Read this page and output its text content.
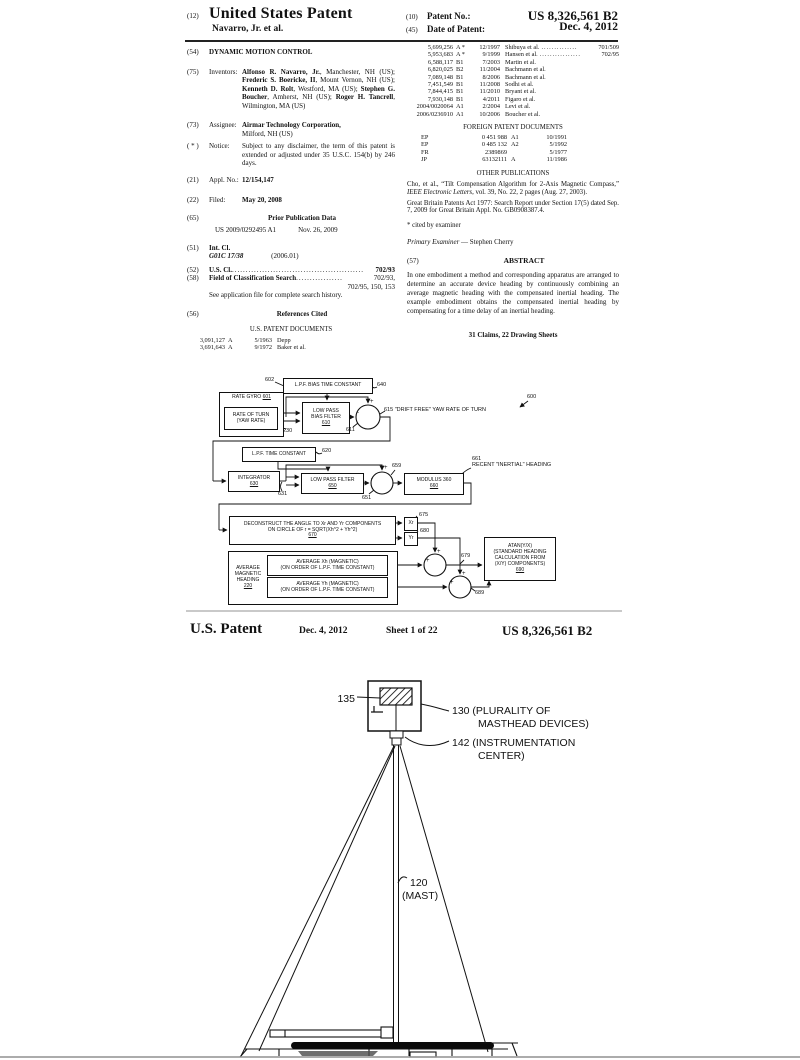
(12) United States Patent
Navarro, Jr. et al.
(10) Patent No.:	US 8,326,561 B2
(45) Date of Patent:	Dec. 4, 2012
(54)	DYNAMIC MOTION CONTROL
(75)	Inventors: Alfonso R. Navarro, Jr., Manchester, NH (US); Frederic S. Boericke, II, Mount Vernon, NH (US); Kenneth D. Rolt, Westford, MA (US); Stephen G. Boucher, Amherst, NH (US); Roger H. Tancrell, Wilmington, MA (US)
(73)	Assignee: Airmar Technology Corporation,
Milford, NH (US)
( * )	Notice:	Subject to any disclaimer, the term of this patent is extended or adjusted under 35 U.S.C. 154(b) by 246 days.
(21)	Appl. No.: 12/154,147
(22)	Filed:	May 20, 2008
(65)	Prior Publication Data
US 2009/0292495 A1	Nov. 26, 2009
(51)	Int. Cl.
G01C 17/38	(2006.01)
(52)	U.S. Cl. ................................................	702/93
(58)	Field of Classification Search .................	702/93,
702/95, 150, 153
See application file for complete search history.
(56)	References Cited
U.S. PATENT DOCUMENTS
3,091,127 A	5/1963 Depp
3,691,643 A	9/1972 Baker et al.
5,699,256 A *	12/1997 Shibuya et al. ..............	701/509
5,953,683 A *	9/1999 Hansen et al. ................	702/95
6,588,117 B1	7/2003 Martin et al.
6,820,025 B2	11/2004 Bachmann et al.
7,089,148 B1	8/2006 Bachmann et al.
7,451,549 B1	11/2008 Sodhi et al.
7,844,415 B1	11/2010 Bryant et al.
7,930,148 B1	4/2011 Figaro et al.
2004/0020064 A1	2/2004 Levi et al.
2006/0236910 A1	10/2006 Boucher et al.
FOREIGN PATENT DOCUMENTS
EP	0 451 988 A1	10/1991
EP	0 485 132 A2	5/1992
FR	2389869	5/1977
JP	63132111 A	11/1986
OTHER PUBLICATIONS
Cho, et al., “Tilt Compensation Algorithm for 2-Axis Magnetic Compass,” IEEE Electronic Letters, vol. 39, No. 22, 2 pages (Aug. 27, 2003).
Great Britain Patents Act 1977: Search Report under Section 17(5) dated Sep. 7, 2009 for Great Britain Appl. No. GB0908387.4.
* cited by examiner
Primary Examiner — Stephen Cherry
(57)	ABSTRACT
In one embodiment a method and corresponding apparatus are arranged to determine an accurate device heading by continuously combining an average magnetic heading with the compensated inertial heading. The example embodiment obtains the compensated inertial heading by compensating for a time delay of an inertial heading.
31 Claims, 22 Drawing Sheets
+
-
+
-
+
+
+
+
L.P.F. BIAS TIME CONSTANT
RATE GYRO 601
RATE OF TURN
(YAW RATE)
LOW PASS
BIAS FILTER
610
L.P.F. TIME CONSTANT
INTEGRATOR
630
LOW PASS FILTER
650
MODULUS 360
660
DECONSTRUCT THE ANGLE TO Xr AND Yr COMPONENTS
ON CIRCLE OF r = SQRT(Xh^2 + Yh^2)
670
Xr
Yr
AVERAGE
MAGNETIC
HEADING
220
AVERAGE Xh (MAGNETIC)
(ON ORDER OF L.P.F. TIME CONSTANT)
AVERAGE Yh (MAGNETIC)
(ON ORDER OF L.P.F. TIME CONSTANT)
ATAN(Y/X)
(STANDARD HEADING
CALCULATION FROM
(X/Y) COMPONENTS)
690
602
640
230	611
615 "DRIFT FREE" YAW RATE OF TURN
600
620
631
651
659
661
RECENT "INERTIAL" HEADING
675
680
679
689
U.S. Patent	Dec. 4, 2012	Sheet 1 of 22	US 8,326,561 B2
135
130 (PLURALITY OF
MASTHEAD DEVICES)
142 (INSTRUMENTATION
CENTER)
120
(MAST)
